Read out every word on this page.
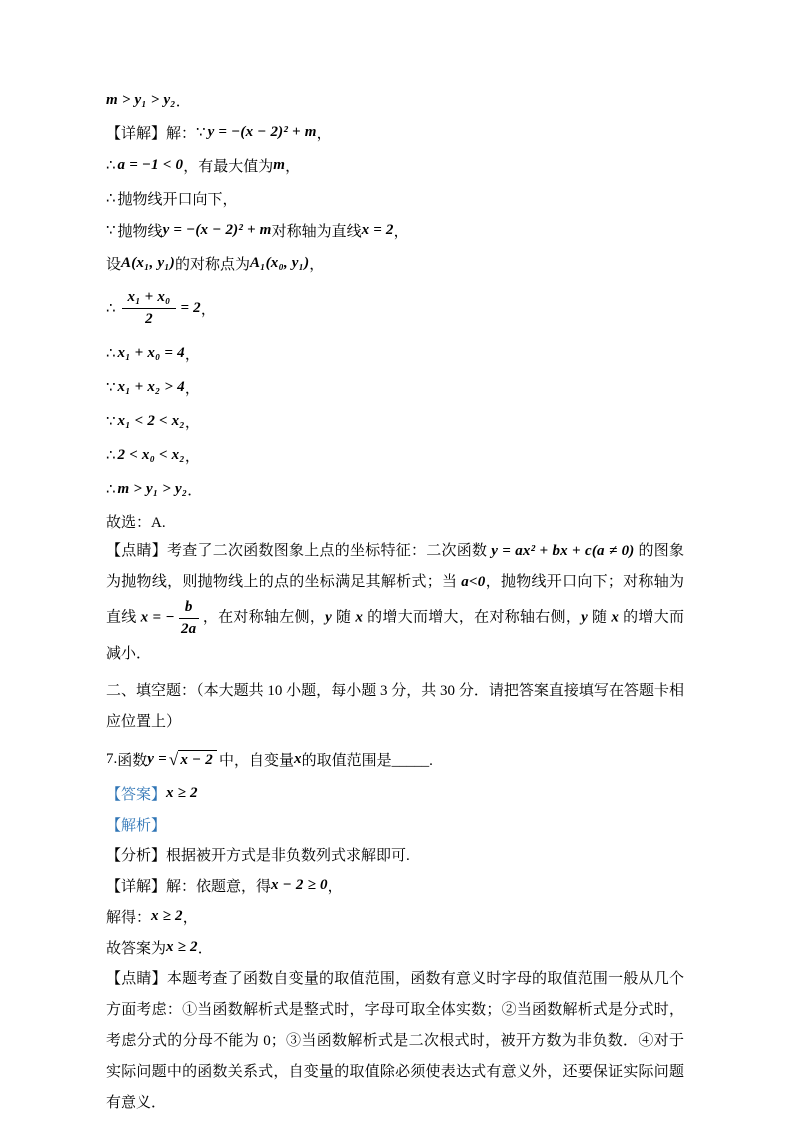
m > y₁ > y₂ ．
【详解】 解： ∵ y = −(x − 2)² + m ，
∴ a = −1 < 0 ，有最大值为 m ，
∴ 抛物线开口向下，
∵ 抛物线 y = −(x − 2)² + m 对称轴为直线 x = 2 ，
设 A(x₁, y₁) 的对称点为 A₁(x₀, y₁) ，
∴ $\frac{\text{x₁ + x₀}}{2} = 2$ ，
∴ x₁ + x₀ = 4 ，
∵ x₁ + x₂ > 4 ，
∵ x₁ < 2 < x₂ ，
∴ 2 < x₀ < x₂ ，
∴ m > y₁ > y₂ ．
故选：A.
【点睛】考查了二次函数图象上点的坐标特征：二次函数 y = ax² + bx + c(a ≠ 0) 的图象为抛物线，则抛物线上的点的坐标满足其解析式；当 a<0，抛物线开口向下；对称轴为直线 x = − $\frac{b}{2a}$ ，在对称轴左侧，y 随 x 的增大而增大，在对称轴右侧，y 随 x 的增大而减小．
二、填空题：（本大题共 10 小题，每小题 3 分，共 30 分．请把答案直接填写在答题卡相应位置上）
7. 函数 y = √ x − 2 中，自变量 x 的取值范围是_____.
【答案】 x ≥ 2
【解析】
【分析】 根据被开方式是非负数列式求解即可.
【详解】 解：依题意，得 x − 2 ≥ 0 ，
解得： x ≥ 2 ，
故答案为 x ≥ 2 ．
【点睛】本题考查了函数自变量的取值范围，函数有意义时字母的取值范围一般从几个方面考虑：①当函数解析式是整式时，字母可取全体实数；②当函数解析式是分式时，考虑分式的分母不能为 0；③当函数解析式是二次根式时，被开方数为非负数．④对于实际问题中的函数关系式，自变量的取值除必须使表达式有意义外，还要保证实际问题有意义．
